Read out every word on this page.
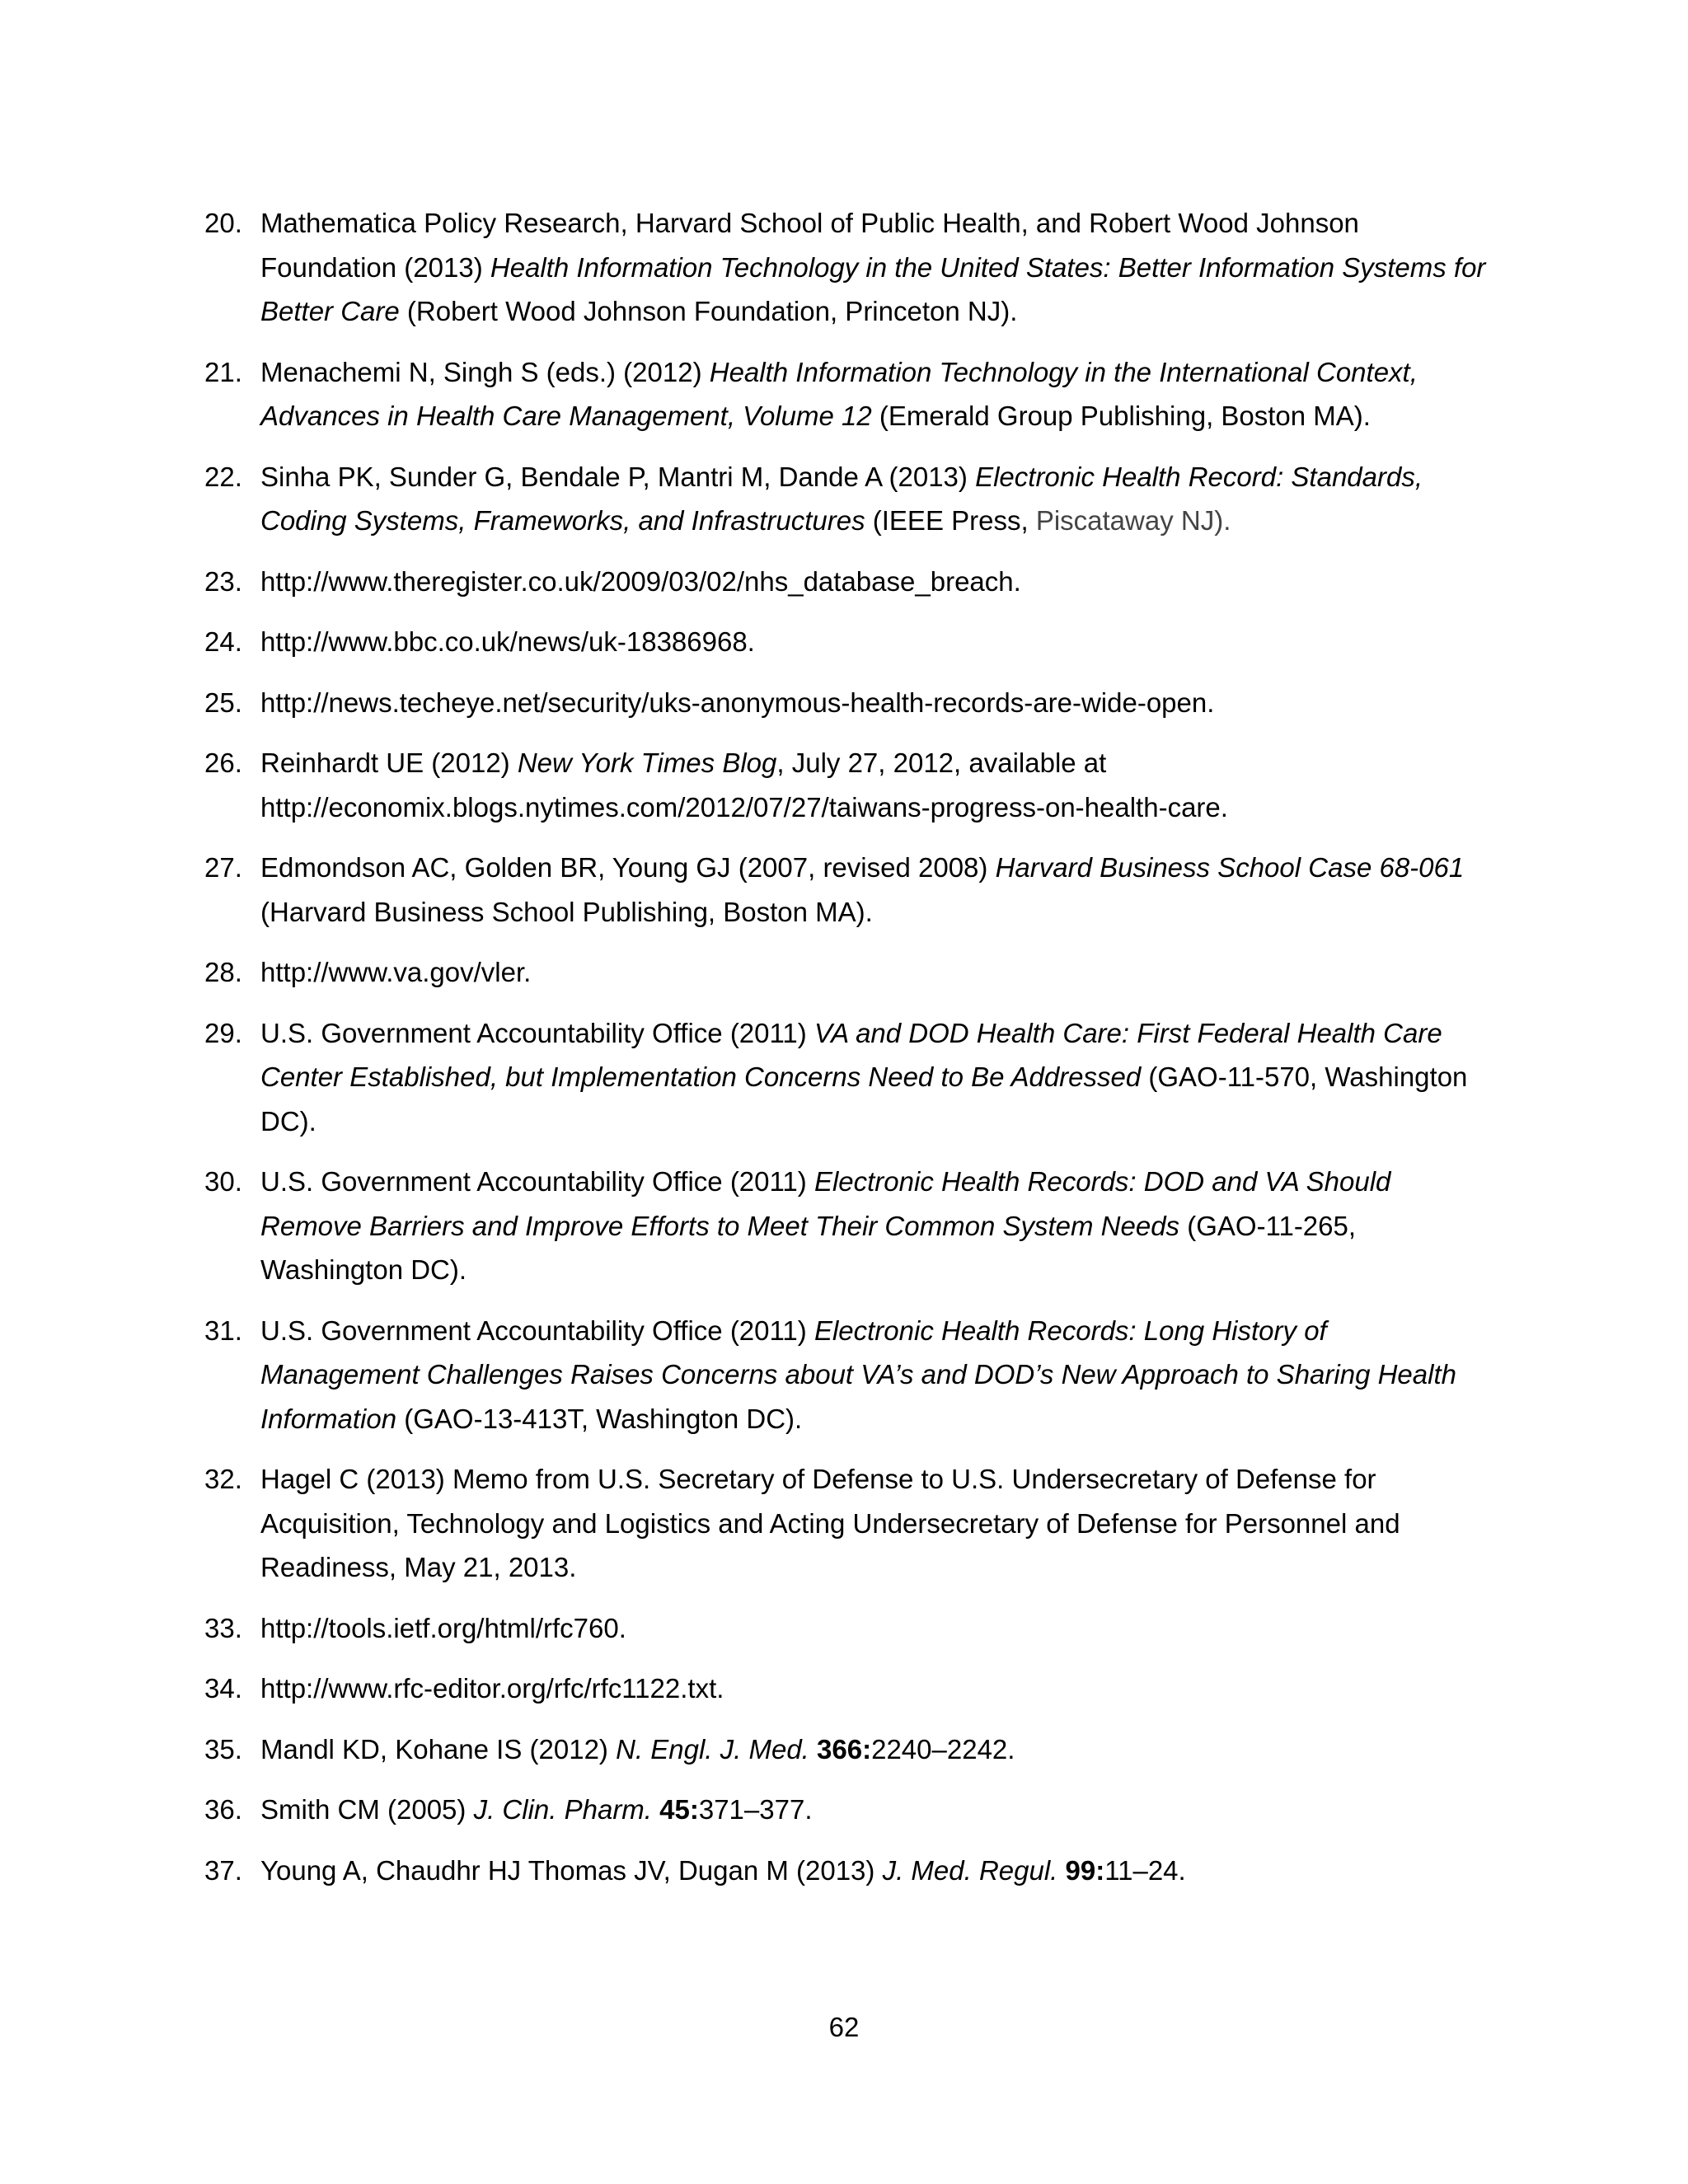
20. Mathematica Policy Research, Harvard School of Public Health, and Robert Wood Johnson Foundation (2013) Health Information Technology in the United States: Better Information Systems for Better Care (Robert Wood Johnson Foundation, Princeton NJ).
21. Menachemi N, Singh S (eds.) (2012) Health Information Technology in the International Context, Advances in Health Care Management, Volume 12 (Emerald Group Publishing, Boston MA).
22. Sinha PK, Sunder G, Bendale P, Mantri M, Dande A (2013) Electronic Health Record: Standards, Coding Systems, Frameworks, and Infrastructures (IEEE Press, Piscataway NJ).
23. http://www.theregister.co.uk/2009/03/02/nhs_database_breach.
24. http://www.bbc.co.uk/news/uk-18386968.
25. http://news.techeye.net/security/uks-anonymous-health-records-are-wide-open.
26. Reinhardt UE (2012) New York Times Blog, July 27, 2012, available at http://economix.blogs.nytimes.com/2012/07/27/taiwans-progress-on-health-care.
27. Edmondson AC, Golden BR, Young GJ (2007, revised 2008) Harvard Business School Case 68-061 (Harvard Business School Publishing, Boston MA).
28. http://www.va.gov/vler.
29. U.S. Government Accountability Office (2011) VA and DOD Health Care: First Federal Health Care Center Established, but Implementation Concerns Need to Be Addressed (GAO-11-570, Washington DC).
30. U.S. Government Accountability Office (2011) Electronic Health Records: DOD and VA Should Remove Barriers and Improve Efforts to Meet Their Common System Needs (GAO-11-265, Washington DC).
31. U.S. Government Accountability Office (2011) Electronic Health Records: Long History of Management Challenges Raises Concerns about VA’s and DOD’s New Approach to Sharing Health Information (GAO-13-413T, Washington DC).
32. Hagel C (2013) Memo from U.S. Secretary of Defense to U.S. Undersecretary of Defense for Acquisition, Technology and Logistics and Acting Undersecretary of Defense for Personnel and Readiness, May 21, 2013.
33. http://tools.ietf.org/html/rfc760.
34. http://www.rfc-editor.org/rfc/rfc1122.txt.
35. Mandl KD, Kohane IS (2012) N. Engl. J. Med. 366:2240–2242.
36. Smith CM (2005) J. Clin. Pharm. 45:371–377.
37. Young A, Chaudhr HJ Thomas JV, Dugan M (2013) J. Med. Regul. 99:11–24.
62
